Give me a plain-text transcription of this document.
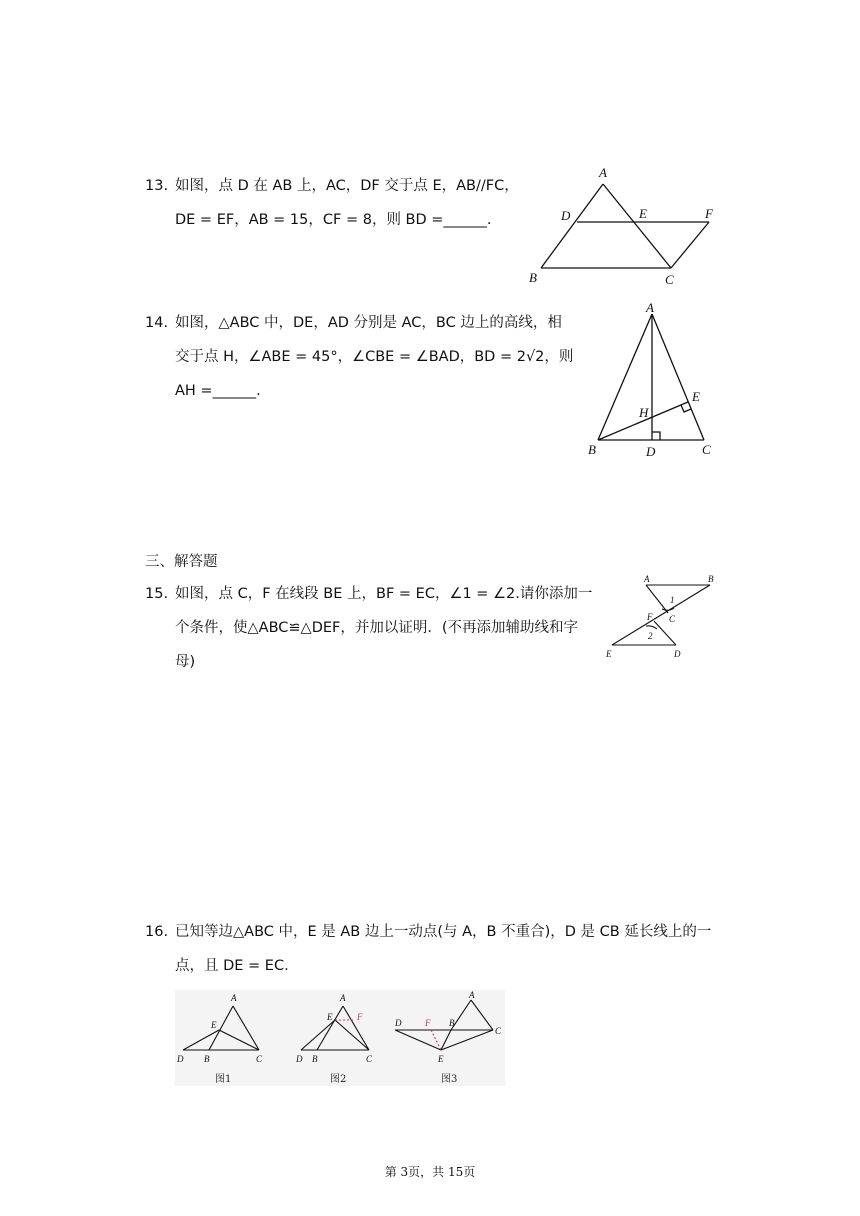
13. 如图，点 D 在 AB 上，AC，DF 交于点 E，AB//FC，
DE = EF，AB = 15，CF = 8，则 BD =______.
A
D	E	F
B	C
14. 如图，△ABC 中，DE，AD 分别是 AC，BC 边上的高线，相
交于点 H，∠ABE = 45°，∠CBE = ∠BAD，BD = 2√2，则
AH =______.
A
H
E
B	D	C
三、解答题
15. 如图，点 C，F 在线段 BE 上，BF = EC，∠1 = ∠2.请你添加一
个条件，使△ABC≌△DEF，并加以证明．(不再添加辅助线和字
母)
A	B
1
C
F
2
E	D
16. 已知等边△ABC 中，E 是 AB 边上一动点(与 A，B 不重合)，D 是 CB 延长线上的一
点，且 DE = EC.
A
E
D B	C
图1
A
E	F
D B	C
图2
A
D	F B
C
E
图3
第 3页，共 15页
